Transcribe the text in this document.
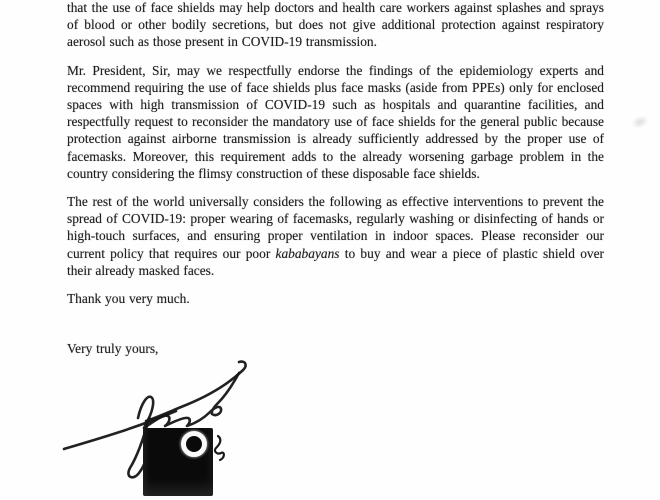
that the use of face shields may help doctors and health care workers against splashes and sprays of blood or other bodily secretions, but does not give additional protection against respiratory aerosol such as those present in COVID-19 transmission.

Mr. President, Sir, may we respectfully endorse the findings of the epidemiology experts and recommend requiring the use of face shields plus face masks (aside from PPEs) only for enclosed spaces with high transmission of COVID-19 such as hospitals and quarantine facilities, and respectfully request to reconsider the mandatory use of face shields for the general public because protection against airborne transmission is already sufficiently addressed by the proper use of facemasks. Moreover, this requirement adds to the already worsening garbage problem in the country considering the flimsy construction of these disposable face shields.

The rest of the world universally considers the following as effective interventions to prevent the spread of COVID-19: proper wearing of facemasks, regularly washing or disinfecting of hands or high-touch surfaces, and ensuring proper ventilation in indoor spaces. Please reconsider our current policy that requires our poor kababayans to buy and wear a piece of plastic shield over their already masked faces.

Thank you very much.

Very truly yours,
